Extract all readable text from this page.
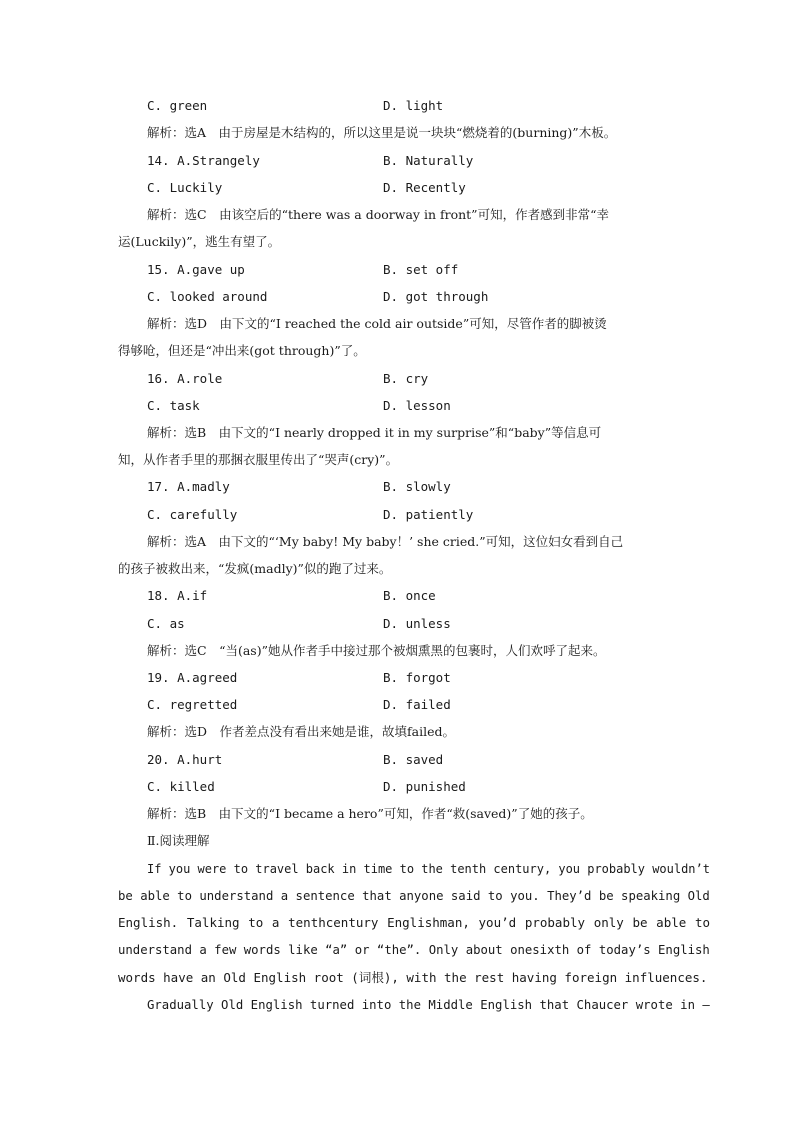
C. green	D. light
解析：选A　由于房屋是木结构的，所以这里是说一块块“燃烧着的(burning)”木板。
14. A.Strangely	B. Naturally
C. Luckily	D. Recently
解析：选C　由该空后的“there was a doorway in front”可知，作者感到非常“幸
运(Luckily)”，逃生有望了。
15. A.gave up	B. set off
C. looked around	D. got through
解析：选D　由下文的“I reached the cold air outside”可知，尽管作者的脚被烫
得够呛，但还是“冲出来(got through)”了。
16. A.role	B. cry
C. task	D. lesson
解析：选B　由下文的“I nearly dropped it in my surprise”和“baby”等信息可
知，从作者手里的那捆衣服里传出了“哭声(cry)”。
17. A.madly	B. slowly
C. carefully	D. patiently
解析：选A　由下文的“‘My baby! My baby！’ she cried.”可知，这位妇女看到自己
的孩子被救出来，“发疯(madly)”似的跑了过来。
18. A.if	B. once
C. as	D. unless
解析：选C　“当(as)”她从作者手中接过那个被烟熏黑的包裹时，人们欢呼了起来。
19. A.agreed	B. forgot
C. regretted	D. failed
解析：选D　作者差点没有看出来她是谁，故填failed。
20. A.hurt	B. saved
C. killed	D. punished
解析：选B　由下文的“I became a hero”可知，作者“救(saved)”了她的孩子。
Ⅱ.阅读理解
If you were to travel back in time to the tenth century, you probably wouldn’t
be able to understand a sentence that anyone said to you. They’d be speaking Old
English. Talking to a tenthcentury Englishman, you’d probably only be able to
understand a few words like “a” or “the”. Only about onesixth of today’s English
words have an Old English root (词根), with the rest having foreign influences.
Gradually Old English turned into the Middle English that Chaucer wrote in —
